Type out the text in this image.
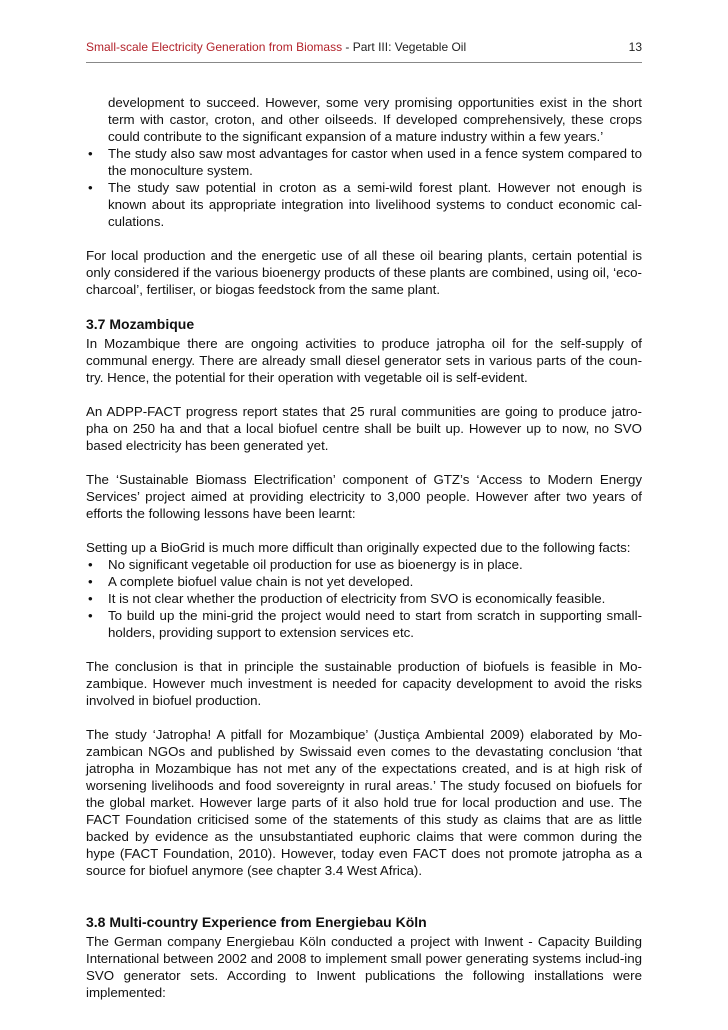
Small-scale Electricity Generation from Biomass - Part III: Vegetable Oil	13
development to succeed. However, some very promising opportunities exist in the short term with castor, croton, and other oilseeds. If developed comprehensively, these crops could contribute to the significant expansion of a mature industry within a few years.’
• The study also saw most advantages for castor when used in a fence system compared to the monoculture system.
• The study saw potential in croton as a semi-wild forest plant. However not enough is known about its appropriate integration into livelihood systems to conduct economic cal-culations.

For local production and the energetic use of all these oil bearing plants, certain potential is only considered if the various bioenergy products of these plants are combined, using oil, ‘eco-charcoal’, fertiliser, or biogas feedstock from the same plant.

3.7 Mozambique

In Mozambique there are ongoing activities to produce jatropha oil for the self-supply of communal energy. There are already small diesel generator sets in various parts of the coun-try. Hence, the potential for their operation with vegetable oil is self-evident.

An ADPP-FACT progress report states that 25 rural communities are going to produce jatro-pha on 250 ha and that a local biofuel centre shall be built up. However up to now, no SVO based electricity has been generated yet.

The ‘Sustainable Biomass Electrification’ component of GTZ’s ‘Access to Modern Energy Services’ project aimed at providing electricity to 3,000 people. However after two years of efforts the following lessons have been learnt:

Setting up a BioGrid is much more difficult than originally expected due to the following facts:

• No significant vegetable oil production for use as bioenergy is in place.
• A complete biofuel value chain is not yet developed.
• It is not clear whether the production of electricity from SVO is economically feasible.
• To build up the mini-grid the project would need to start from scratch in supporting small-holders, providing support to extension services etc.

The conclusion is that in principle the sustainable production of biofuels is feasible in Mo-zambique. However much investment is needed for capacity development to avoid the risks involved in biofuel production.

The study ‘Jatropha! A pitfall for Mozambique’ (Justiça Ambiental 2009) elaborated by Mo-zambican NGOs and published by Swissaid even comes to the devastating conclusion ‘that jatropha in Mozambique has not met any of the expectations created, and is at high risk of worsening livelihoods and food sovereignty in rural areas.’ The study focused on biofuels for the global market. However large parts of it also hold true for local production and use. The FACT Foundation criticised some of the statements of this study as claims that are as little backed by evidence as the unsubstantiated euphoric claims that were common during the hype (FACT Foundation, 2010). However, today even FACT does not promote jatropha as a source for biofuel anymore (see chapter 3.4 West Africa).

3.8 Multi-country Experience from Energiebau Köln

The German company Energiebau Köln conducted a project with Inwent - Capacity Building International between 2002 and 2008 to implement small power generating systems includ-ing SVO generator sets. According to Inwent publications the following installations were implemented:
